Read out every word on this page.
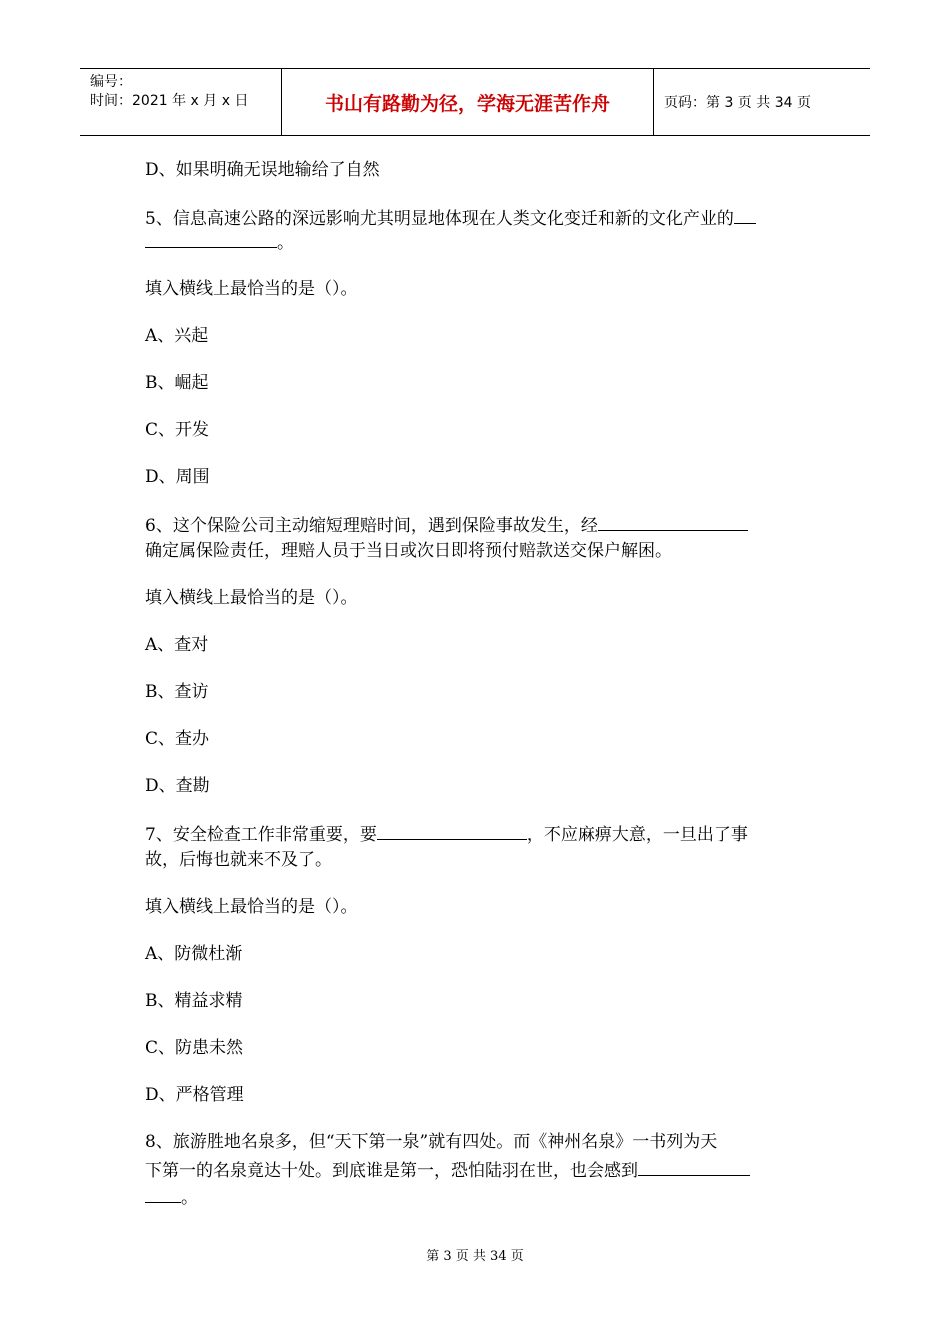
编号：
时间：2021 年 x 月 x 日	书山有路勤为径，学海无涯苦作舟	页码：第 3 页 共 34 页
D、如果明确无误地输给了自然
5、信息高速公路的深远影响尤其明显地体现在人类文化变迁和新的文化产业的
。
填入横线上最恰当的是（）。
A、兴起
B、崛起
C、开发
D、周围
6、这个保险公司主动缩短理赔时间，遇到保险事故发生，经
确定属保险责任，理赔人员于当日或次日即将预付赔款送交保户解困。
填入横线上最恰当的是（）。
A、查对
B、查访
C、查办
D、查勘
7、安全检查工作非常重要，要	，不应麻痹大意，一旦出了事
故，后悔也就来不及了。
填入横线上最恰当的是（）。
A、防微杜渐
B、精益求精
C、防患未然
D、严格管理
8、旅游胜地名泉多，但“天下第一泉”就有四处。而《神州名泉》一书列为天
下第一的名泉竟达十处。到底谁是第一，恐怕陆羽在世，也会感到
。
第 3 页 共 34 页
